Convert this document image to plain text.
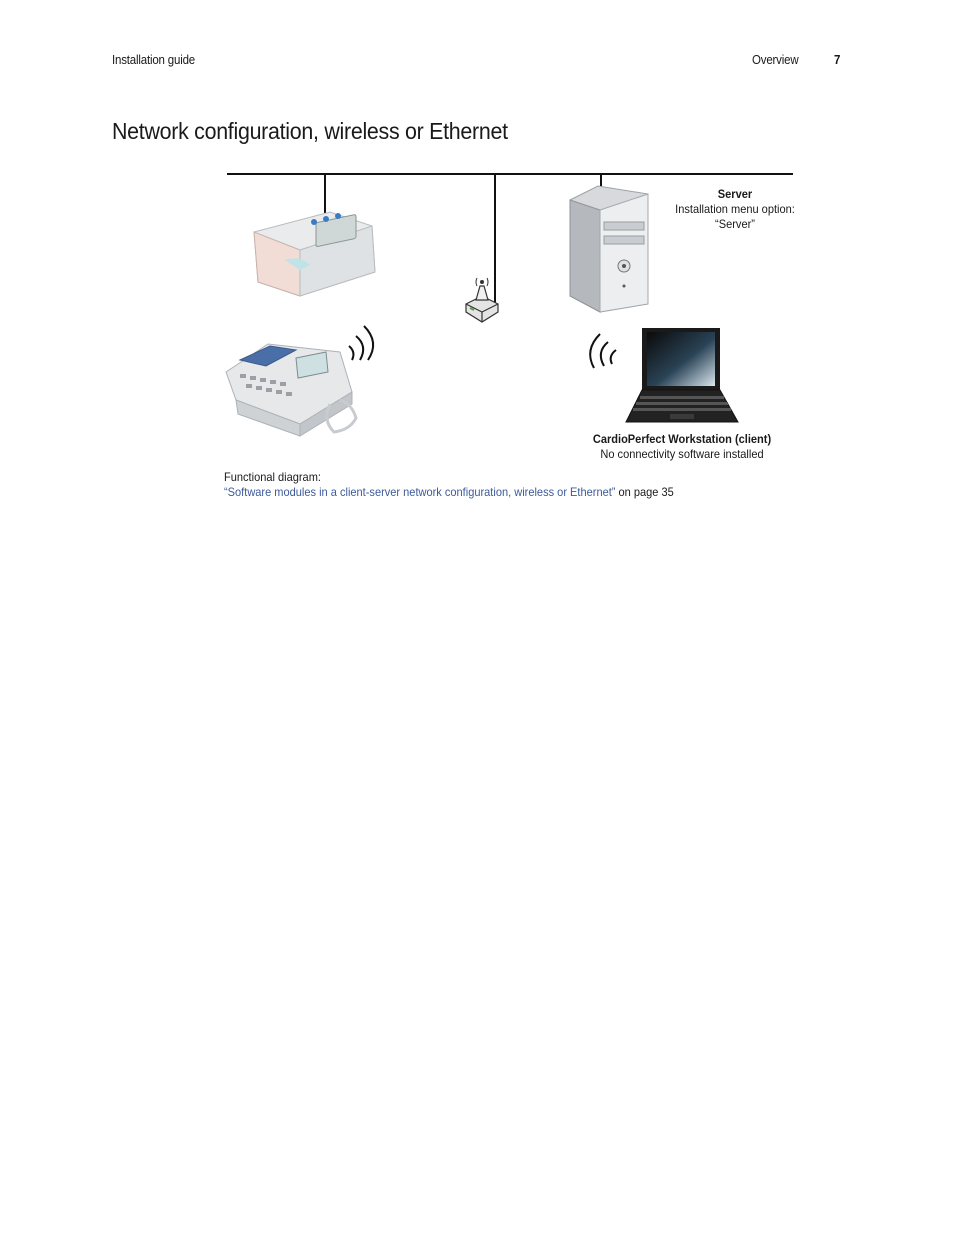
Installation guide	Overview	7
Network configuration, wireless or Ethernet
Server
Installation menu option:
“Server”
CardioPerfect Workstation (client)
No connectivity software installed
Functional diagram:
“Software modules in a client-server network configuration, wireless or Ethernet” on page 35
